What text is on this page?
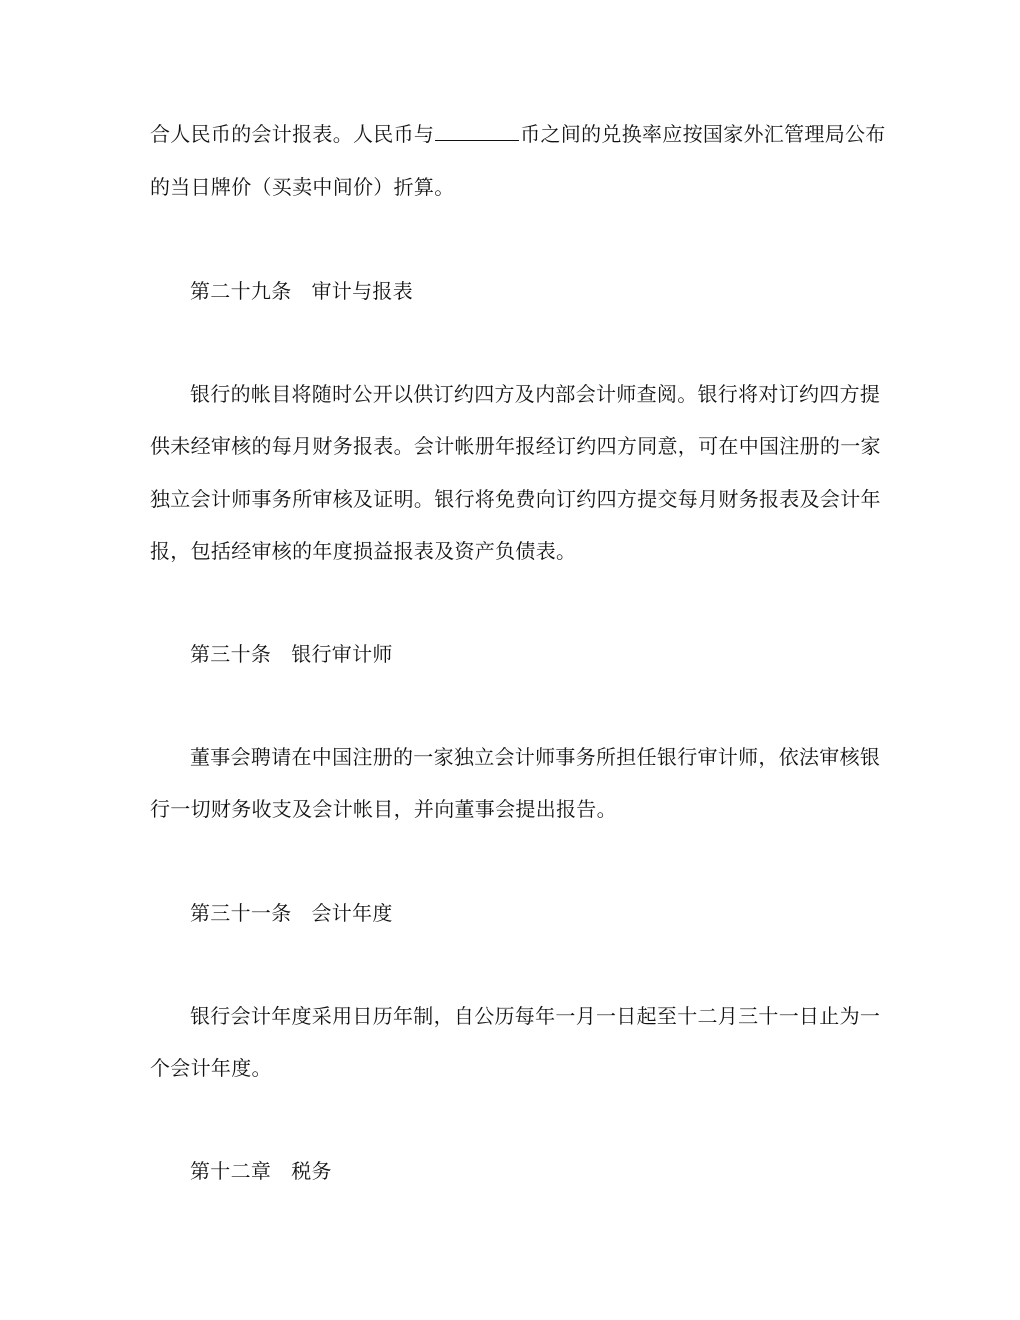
合人民币的会计报表。人民币与	币之间的兑换率应按国家外汇管理局公布
的当日牌价（买卖中间价）折算。
第二十九条 审计与报表
银行的帐目将随时公开以供订约四方及内部会计师查阅。银行将对订约四方提
供未经审核的每月财务报表。会计帐册年报经订约四方同意，可在中国注册的一家
独立会计师事务所审核及证明。银行将免费向订约四方提交每月财务报表及会计年
报，包括经审核的年度损益报表及资产负债表。
第三十条 银行审计师
董事会聘请在中国注册的一家独立会计师事务所担任银行审计师，依法审核银
行一切财务收支及会计帐目，并向董事会提出报告。
第三十一条 会计年度
银行会计年度采用日历年制，自公历每年一月一日起至十二月三十一日止为一
个会计年度。
第十二章 税务
